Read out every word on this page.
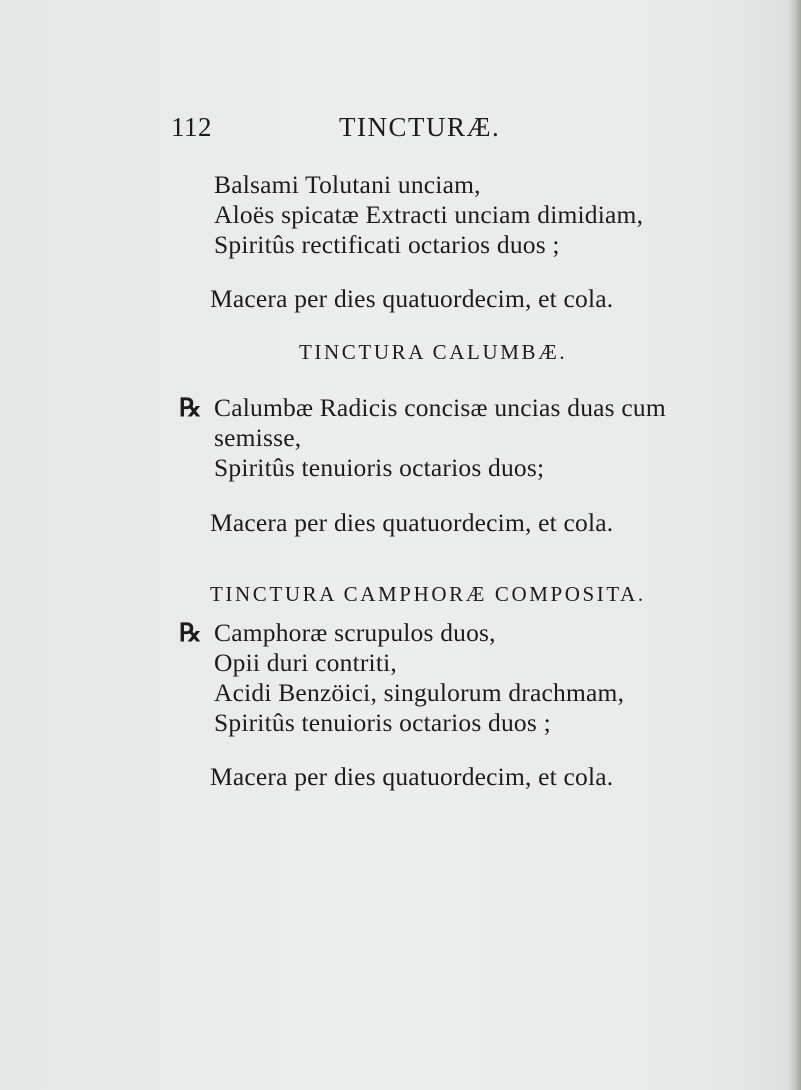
112	TINCTURÆ.
Balsami Tolutani unciam,
Aloës spicatæ Extracti unciam dimidiam,
Spiritûs rectificati octarios duos ;
Macera per dies quatuordecim, et cola.
TINCTURA CALUMBÆ.
℞ Calumbæ Radicis concisæ uncias duas cum
semisse,
Spiritûs tenuioris octarios duos;
Macera per dies quatuordecim, et cola.
TINCTURA CAMPHORÆ COMPOSITA.
℞ Camphoræ scrupulos duos,
Opii duri contriti,
Acidi Benzöici, singulorum drachmam,
Spiritûs tenuioris octarios duos ;
Macera per dies quatuordecim, et cola.
